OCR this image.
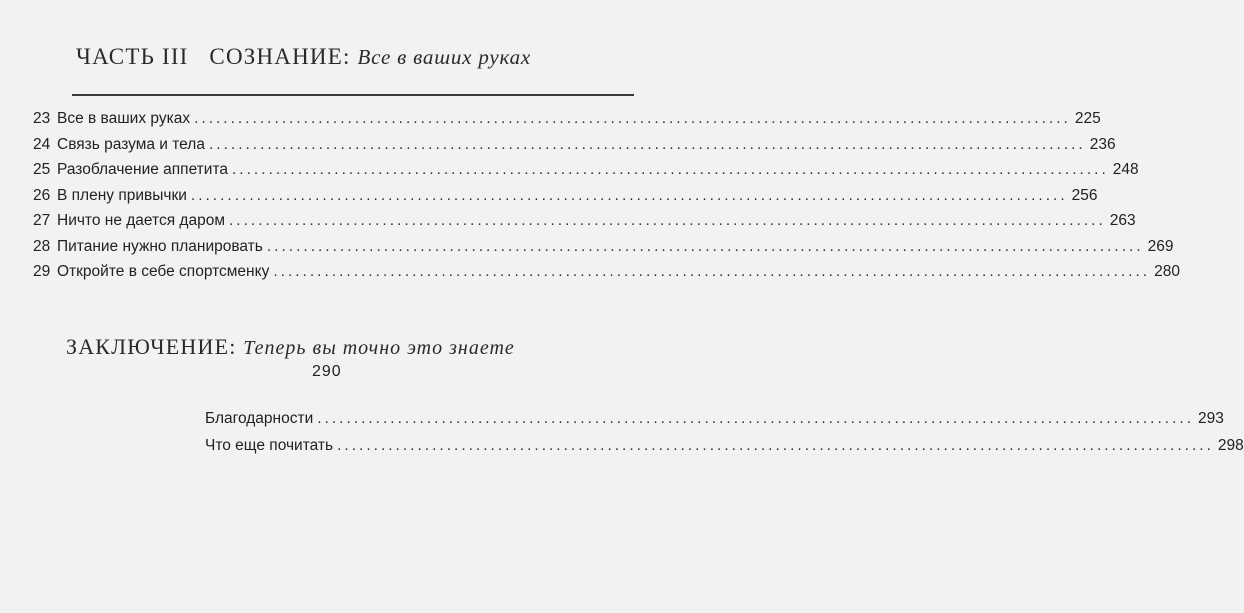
ЧАСТЬ III СОЗНАНИЕ: Все в ваших руках
23 Все в ваших руках ........................................................................................................................ 225
24 Связь разума и тела ........................................................................................................................ 236
25 Разоблачение аппетита ........................................................................................................................ 248
26 В плену привычки ........................................................................................................................ 256
27 Ничто не дается даром ........................................................................................................................ 263
28 Питание нужно планировать ........................................................................................................................ 269
29 Откройте в себе спортсменку ........................................................................................................................ 280
ЗАКЛЮЧЕНИЕ: Теперь вы точно это знаете
290
Благодарности ........................................................................................................................ 293
Что еще почитать ........................................................................................................................ 298
